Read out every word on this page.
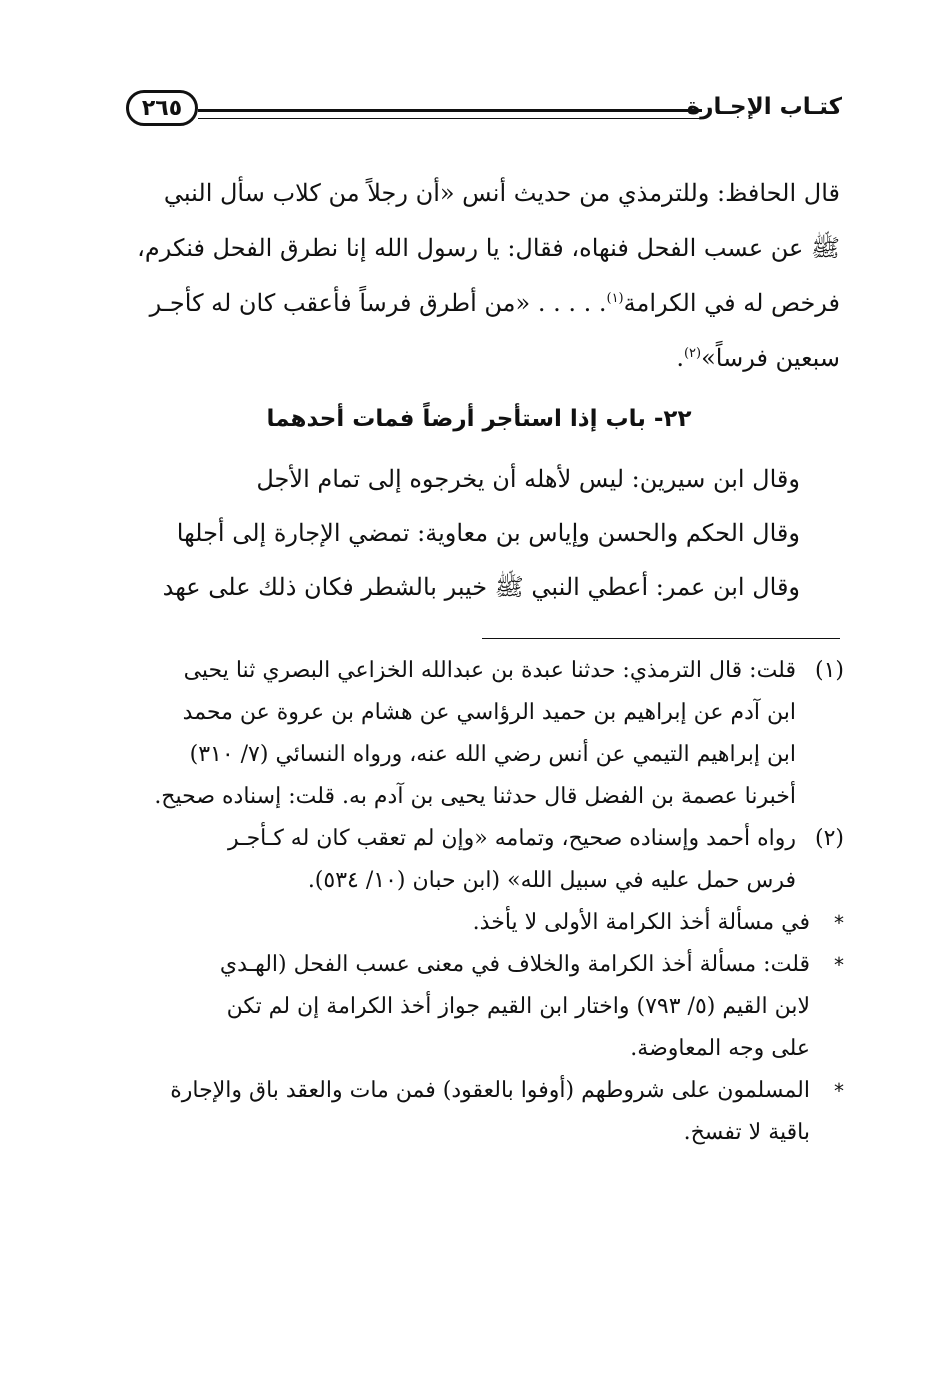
كتـاب الإجـارة
٢٦٥

قال الحافظ: وللترمذي من حديث أنس «أن رجلاً من كلاب سأل النبي

ﷺ عن عسب الفحل فنهاه، فقال: يا رسول الله إنا نطرق الفحل فنكرم،

فرخص له في الكرامة$^{(١)}$. . . . . «من أطرق فرساً فأعقب كان له كأجـر

سبعين فرساً»$^{(٢)}$.

٢٢- باب إذا استأجر أرضاً فمات أحدهما

وقال ابن سيرين: ليس لأهله أن يخرجوه إلى تمام الأجل

وقال الحكم والحسن وإياس بن معاوية: تمضي الإجارة إلى أجلها

وقال ابن عمر: أعطي النبي ﷺ خيبر بالشطر فكان ذلك على عهد

(١)
قلت: قال الترمذي: حدثنا عبدة بن عبدالله الخزاعي البصري ثنا يحيى
ابن آدم عن إبراهيم بن حميد الرؤاسي عن هشام بن عروة عن محمد
ابن إبراهيم التيمي عن أنس رضي الله عنه، ورواه النسائي (٧/ ٣١٠)
أخبرنا عصمة بن الفضل قال حدثنا يحيى بن آدم به. قلت: إسناده صحيح.
(٢)
رواه أحمد وإسناده صحيح، وتمامه «وإن لم تعقب كان له كـأجـر
فرس حمل عليه في سبيل الله» (ابن حبان (١٠/ ٥٣٤).
*
في مسألة أخذ الكرامة الأولى لا يأخذ.
*
قلت: مسألة أخذ الكرامة والخلاف في معنى عسب الفحل (الهـدي
لابن القيم (٥/ ٧٩٣) واختار ابن القيم جواز أخذ الكرامة إن لم تكن
على وجه المعاوضة.
*
المسلمون على شروطهم (أوفوا بالعقود) فمن مات والعقد باق والإجارة
باقية لا تفسخ.
